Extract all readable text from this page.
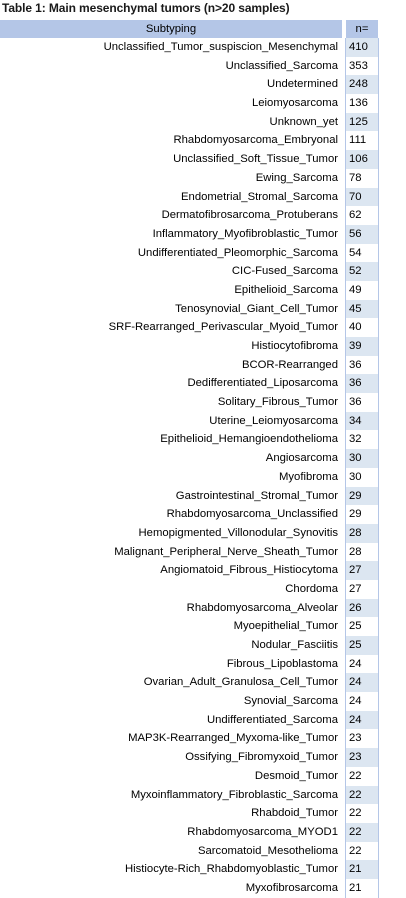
Table 1: Main mesenchymal tumors (n>20 samples)
Subtyping	n=
Unclassified_Tumor_suspiscion_Mesenchymal 410
Unclassified_Sarcoma 353
Undetermined 248
Leiomyosarcoma 136
Unknown_yet 125
Rhabdomyosarcoma_Embryonal 111
Unclassified_Soft_Tissue_Tumor 106
Ewing_Sarcoma 78
Endometrial_Stromal_Sarcoma 70
Dermatofibrosarcoma_Protuberans 62
Inflammatory_Myofibroblastic_Tumor 56
Undifferentiated_Pleomorphic_Sarcoma 54
CIC-Fused_Sarcoma 52
Epithelioid_Sarcoma 49
Tenosynovial_Giant_Cell_Tumor 45
SRF-Rearranged_Perivascular_Myoid_Tumor 40
Histiocytofibroma 39
BCOR-Rearranged 36
Dedifferentiated_Liposarcoma 36
Solitary_Fibrous_Tumor 36
Uterine_Leiomyosarcoma 34
Epithelioid_Hemangioendothelioma 32
Angiosarcoma 30
Myofibroma 30
Gastrointestinal_Stromal_Tumor 29
Rhabdomyosarcoma_Unclassified 29
Hemopigmented_Villonodular_Synovitis 28
Malignant_Peripheral_Nerve_Sheath_Tumor 28
Angiomatoid_Fibrous_Histiocytoma 27
Chordoma 27
Rhabdomyosarcoma_Alveolar 26
Myoepithelial_Tumor 25
Nodular_Fasciitis 25
Fibrous_Lipoblastoma 24
Ovarian_Adult_Granulosa_Cell_Tumor 24
Synovial_Sarcoma 24
Undifferentiated_Sarcoma 24
MAP3K-Rearranged_Myxoma-like_Tumor 23
Ossifying_Fibromyxoid_Tumor 23
Desmoid_Tumor 22
Myxoinflammatory_Fibroblastic_Sarcoma 22
Rhabdoid_Tumor 22
Rhabdomyosarcoma_MYOD1 22
Sarcomatoid_Mesothelioma 22
Histiocyte-Rich_Rhabdomyoblastic_Tumor 21
Myxofibrosarcoma 21
